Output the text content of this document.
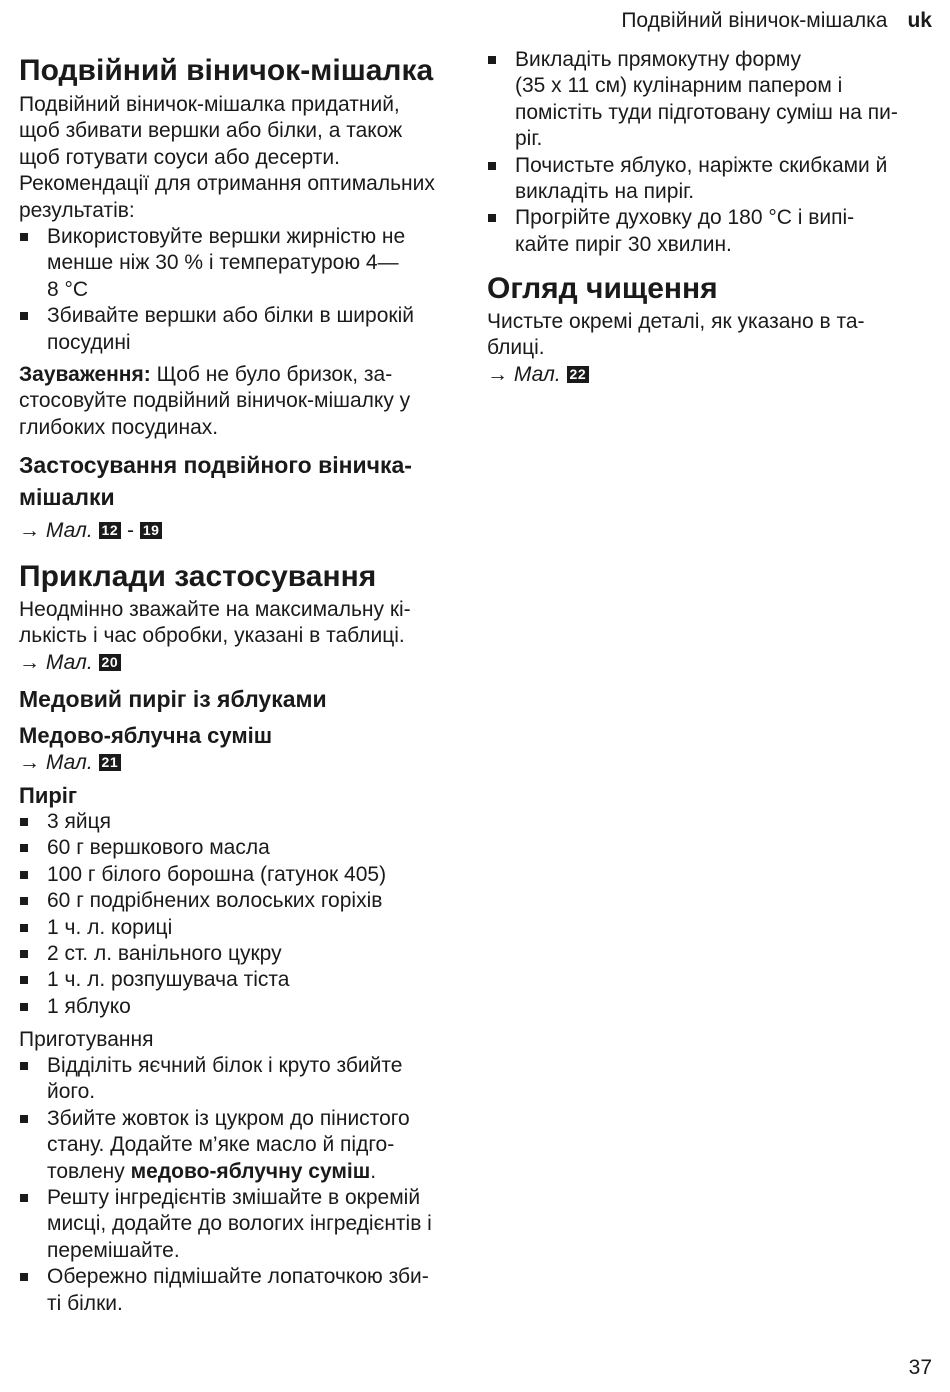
Подвійний віничок-мішалка uk
Подвійний віничок-мішалка
Подвійний віничок-мішалка придатний,
щоб збивати вершки або білки, а також
щоб готувати соуси або десерти.
Рекомендації для отримання оптимальних
результатів:
Використовуйте вершки жирністю не
менше ніж 30 % і температурою 4—
8 °C
Збивайте вершки або білки в широкій
посудині
Зауваження: Щоб не було бризок, за-
стосовуйте подвійний віничок-мішалку у
глибоких посудинах.
Застосування подвійного віничка-
мішалки
→ Мал. 12 - 19
Приклади застосування
Неодмінно зважайте на максимальну кі-
лькість і час обробки, указані в таблиці.
→ Мал. 20
Медовий пиріг із яблуками
Медово-яблучна суміш
→ Мал. 21
Пиріг
3 яйця
60 г вершкового масла
100 г білого борошна (гатунок 405)
60 г подрібнених волоських горіхів
1 ч. л. кориці
2 ст. л. ванільного цукру
1 ч. л. розпушувача тіста
1 яблуко
Приготування
Відділіть яєчний білок і круто збийте
його.
Збийте жовток із цукром до пінистого
стану. Додайте м’яке масло й підго-
товлену медово-яблучну суміш.
Решту інгредієнтів змішайте в окремій
мисці, додайте до вологих інгредієнтів і
перемішайте.
Обережно підмішайте лопаточкою зби-
ті білки.
Викладіть прямокутну форму
(35 x 11 см) кулінарним папером і
помістіть туди підготовану суміш на пи-
ріг.
Почистьте яблуко, наріжте скибками й
викладіть на пиріг.
Прогрійте духовку до 180 °C і випі-
кайте пиріг 30 хвилин.
Огляд чищення
Чистьте окремі деталі, як указано в та-
блиці.
→ Мал. 22
37
